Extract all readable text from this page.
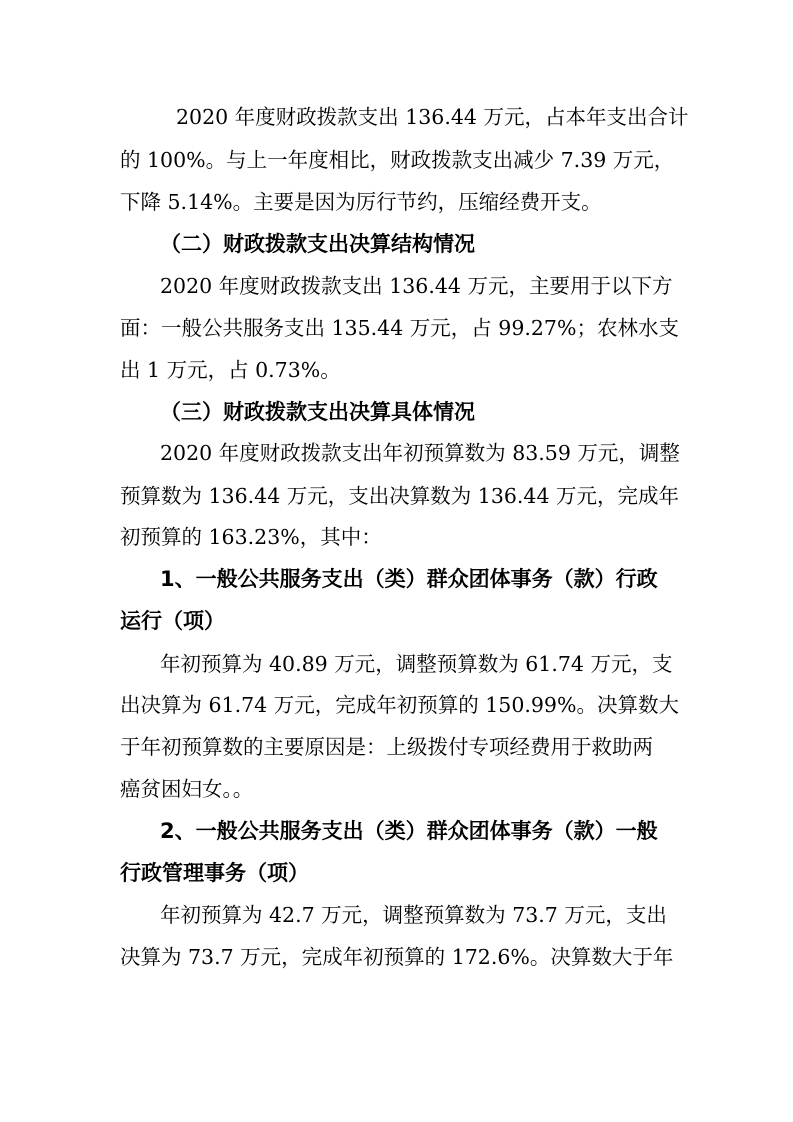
2020 年度财政拨款支出 136.44 万元，占本年支出合计
的 100%。与上一年度相比，财政拨款支出减少 7.39 万元，
下降 5.14%。主要是因为厉行节约，压缩经费开支。
（二）财政拨款支出决算结构情况
2020 年度财政拨款支出 136.44 万元，主要用于以下方
面：一般公共服务支出 135.44 万元，占 99.27%；农林水支
出 1 万元，占 0.73%。
（三）财政拨款支出决算具体情况
2020 年度财政拨款支出年初预算数为 83.59 万元，调整
预算数为 136.44 万元，支出决算数为 136.44 万元，完成年
初预算的 163.23%，其中：
1、一般公共服务支出（类）群众团体事务（款）行政
运行（项）
年初预算为 40.89 万元，调整预算数为 61.74 万元，支
出决算为 61.74 万元，完成年初预算的 150.99%。决算数大
于年初预算数的主要原因是：上级拨付专项经费用于救助两
癌贫困妇女。。
2、一般公共服务支出（类）群众团体事务（款）一般
行政管理事务（项）
年初预算为 42.7 万元，调整预算数为 73.7 万元，支出
决算为 73.7 万元，完成年初预算的 172.6%。决算数大于年
